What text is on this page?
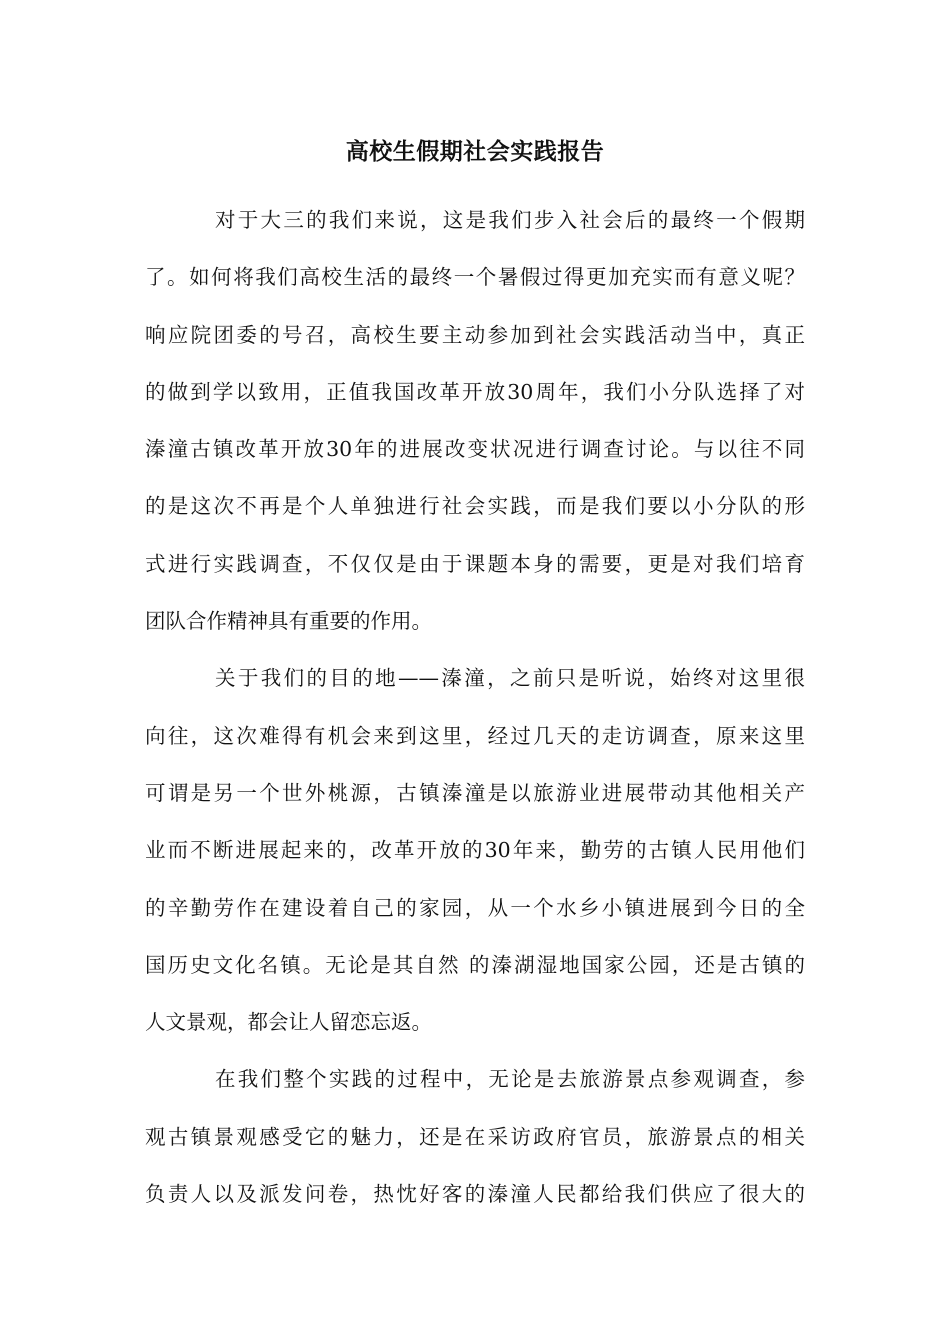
高校生假期社会实践报告
对于大三的我们来说，这是我们步入社会后的最终一个假期
了。如何将我们高校生活的最终一个暑假过得更加充实而有意义呢？
响应院团委的号召，高校生要主动参加到社会实践活动当中，真正
的做到学以致用，正值我国改革开放30周年，我们小分队选择了对
溱潼古镇改革开放30年的进展改变状况进行调查讨论。与以往不同
的是这次不再是个人单独进行社会实践，而是我们要以小分队的形
式进行实践调查，不仅仅是由于课题本身的需要，更是对我们培育
团队合作精神具有重要的作用。
关于我们的目的地——溱潼，之前只是听说，始终对这里很
向往，这次难得有机会来到这里，经过几天的走访调查，原来这里
可谓是另一个世外桃源，古镇溱潼是以旅游业进展带动其他相关产
业而不断进展起来的，改革开放的30年来，勤劳的古镇人民用他们
的辛勤劳作在建设着自己的家园，从一个水乡小镇进展到今日的全
国历史文化名镇。无论是其自然 的溱湖湿地国家公园，还是古镇的
人文景观，都会让人留恋忘返。
在我们整个实践的过程中，无论是去旅游景点参观调查，参
观古镇景观感受它的魅力，还是在采访政府官员，旅游景点的相关
负责人以及派发问卷，热忱好客的溱潼人民都给我们供应了很大的
